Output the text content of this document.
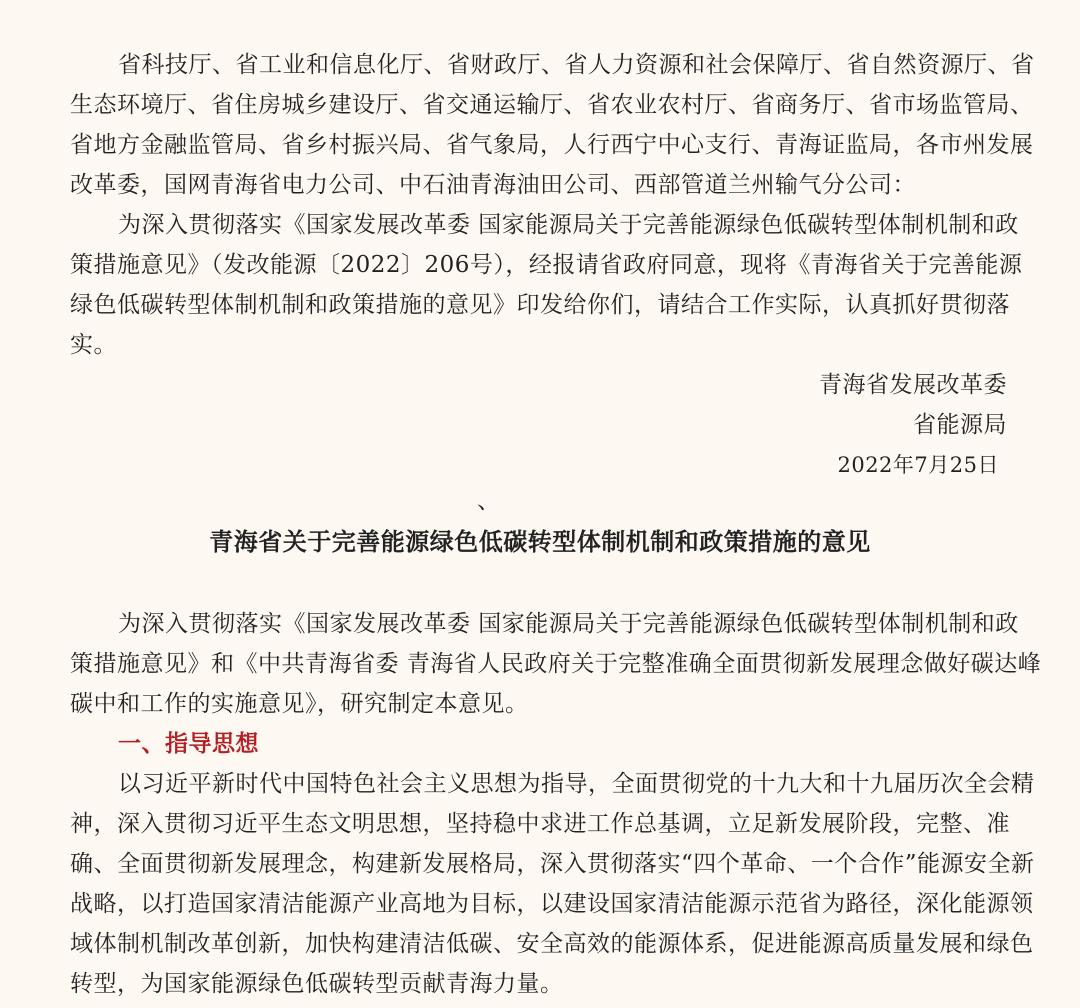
省科技厅、省工业和信息化厅、省财政厅、省人力资源和社会保障厅、省自然资源厅、省
生态环境厅、省住房城乡建设厅、省交通运输厅、省农业农村厅、省商务厅、省市场监管局、
省地方金融监管局、省乡村振兴局、省气象局，人行西宁中心支行、青海证监局，各市州发展
改革委，国网青海省电力公司、中石油青海油田公司、西部管道兰州输气分公司：
为深入贯彻落实《国家发展改革委 国家能源局关于完善能源绿色低碳转型体制机制和政
策措施意见》（发改能源〔2022〕206号），经报请省政府同意，现将《青海省关于完善能源
绿色低碳转型体制机制和政策措施的意见》印发给你们，请结合工作实际，认真抓好贯彻落
实。
青海省发展改革委
省能源局
2022年7月25日
、
青海省关于完善能源绿色低碳转型体制机制和政策措施的意见
为深入贯彻落实《国家发展改革委 国家能源局关于完善能源绿色低碳转型体制机制和政
策措施意见》和《中共青海省委 青海省人民政府关于完整准确全面贯彻新发展理念做好碳达峰
碳中和工作的实施意见》，研究制定本意见。
一、指导思想
以习近平新时代中国特色社会主义思想为指导，全面贯彻党的十九大和十九届历次全会精
神，深入贯彻习近平生态文明思想，坚持稳中求进工作总基调，立足新发展阶段，完整、准
确、全面贯彻新发展理念，构建新发展格局，深入贯彻落实“四个革命、一个合作”能源安全新
战略，以打造国家清洁能源产业高地为目标，以建设国家清洁能源示范省为路径，深化能源领
域体制机制改革创新，加快构建清洁低碳、安全高效的能源体系，促进能源高质量发展和绿色
转型，为国家能源绿色低碳转型贡献青海力量。
